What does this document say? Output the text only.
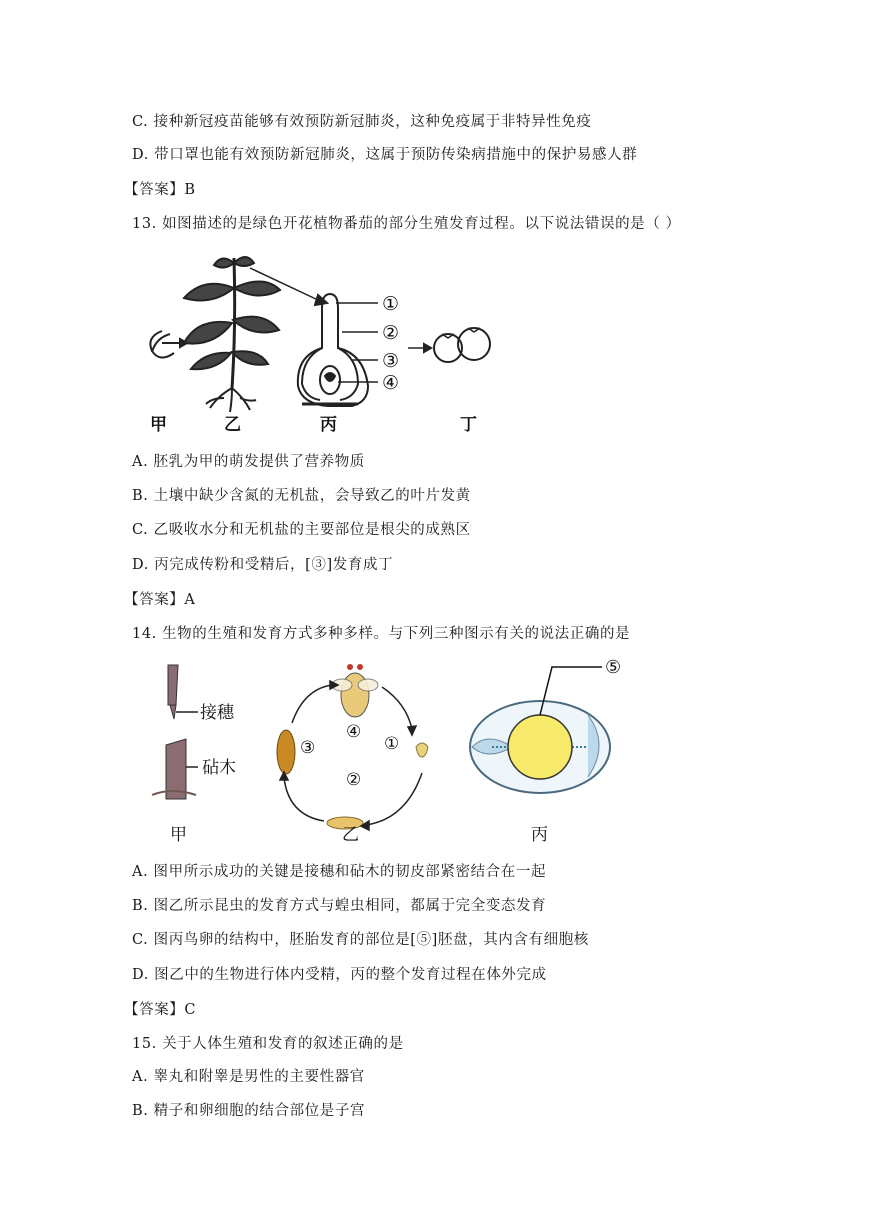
C. 接种新冠疫苗能够有效预防新冠肺炎，这种免疫属于非特异性免疫
D. 带口罩也能有效预防新冠肺炎，这属于预防传染病措施中的保护易感人群
【答案】B
13. 如图描述的是绿色开花植物番茄的部分生殖发育过程。以下说法错误的是（ ）
①
②
③
④
甲	乙	丙	丁
A. 胚乳为甲的萌发提供了营养物质
B. 土壤中缺少含氮的无机盐，会导致乙的叶片发黄
C. 乙吸收水分和无机盐的主要部位是根尖的成熟区
D. 丙完成传粉和受精后，[③]发育成丁
【答案】A
14. 生物的生殖和发育方式多种多样。与下列三种图示有关的说法正确的是
接穗
砧木
①
②
③
④
⑤
甲	乙	丙
A. 图甲所示成功的关键是接穗和砧木的韧皮部紧密结合在一起
B. 图乙所示昆虫的发育方式与蝗虫相同，都属于完全变态发育
C. 图丙鸟卵的结构中，胚胎发育的部位是[⑤]胚盘，其内含有细胞核
D. 图乙中的生物进行体内受精，丙的整个发育过程在体外完成
【答案】C
15. 关于人体生殖和发育的叙述正确的是
A. 睾丸和附睾是男性的主要性器官
B. 精子和卵细胞的结合部位是子宫
